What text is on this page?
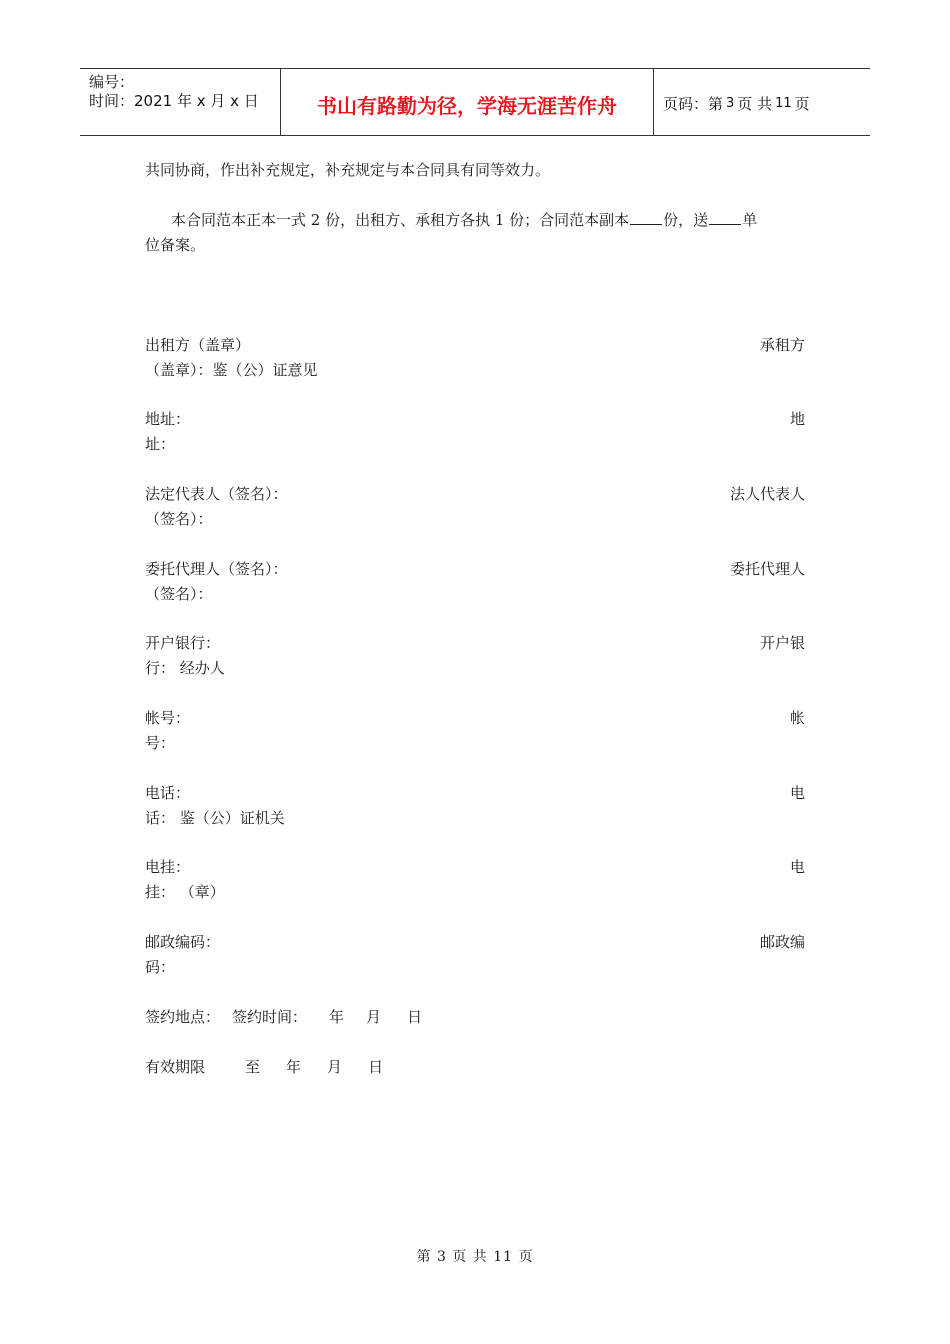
编号：
时间：2021 年 x 月 x 日	书山有路勤为径，学海无涯苦作舟	页码：第 3 页 共 11 页
共同协商，作出补充规定，补充规定与本合同具有同等效力。
本合同范本正本一式 2 份，出租方、承租方各执 1 份；合同范本副本 份，送 单
位备案。
出租方（盖章）	承租方
（盖章）：鉴（公）证意见
地址：	地
址：
法定代表人（签名）：	法人代表人
（签名）：
委托代理人（签名）：	委托代理人
（签名）：
开户银行：	开户银
行： 经办人
帐号：	帐
号：
电话：	电
话： 鉴（公）证机关
电挂：	电
挂： （章）
邮政编码：	邮政编
码：
签约地点： 签约时间： 年 月 日
有效期限	至 年 月 日
第 3 页 共 11 页
